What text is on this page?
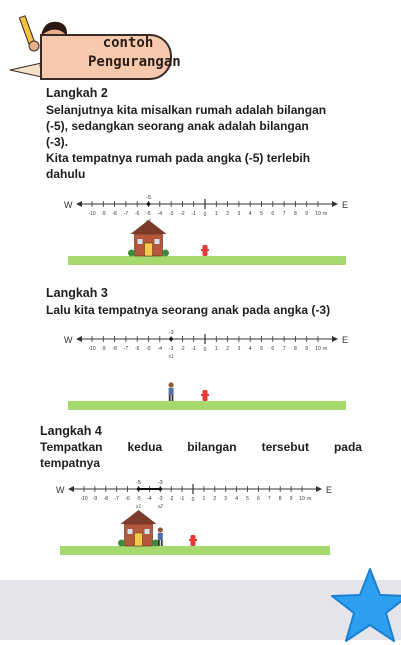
contoh
Pengurangan
Langkah 2
Selanjutnya kita misalkan rumah adalah bilangan
(-5), sedangkan seorang anak adalah bilangan
(-3).
Kita tempatnya rumah pada angka (-5) terlebih
dahulu
W	E
-10 -9 -8 -7 -6 -5 -4 -3 -2 -1 0 1 2 3 4 5 6 7 8 9 10 m
-5
Langkah 3
Lalu kita tempatnya seorang anak pada angka (-3)
W	E
-10 -9 -8 -7 -6 -5 -4 -3 -2 -1 0 1 2 3 4 5 6 7 8 9 10 m
-3
s1
Langkah 4
Tempatkan kedua bilangan tersebut pada
tempatnya
W	E
-10 -9 -8 -7 -6 -5 -4 -3 -2 -1 0 1 2 3 4 5 6 7 8 9 10 m
-5
s1
-3
s2
